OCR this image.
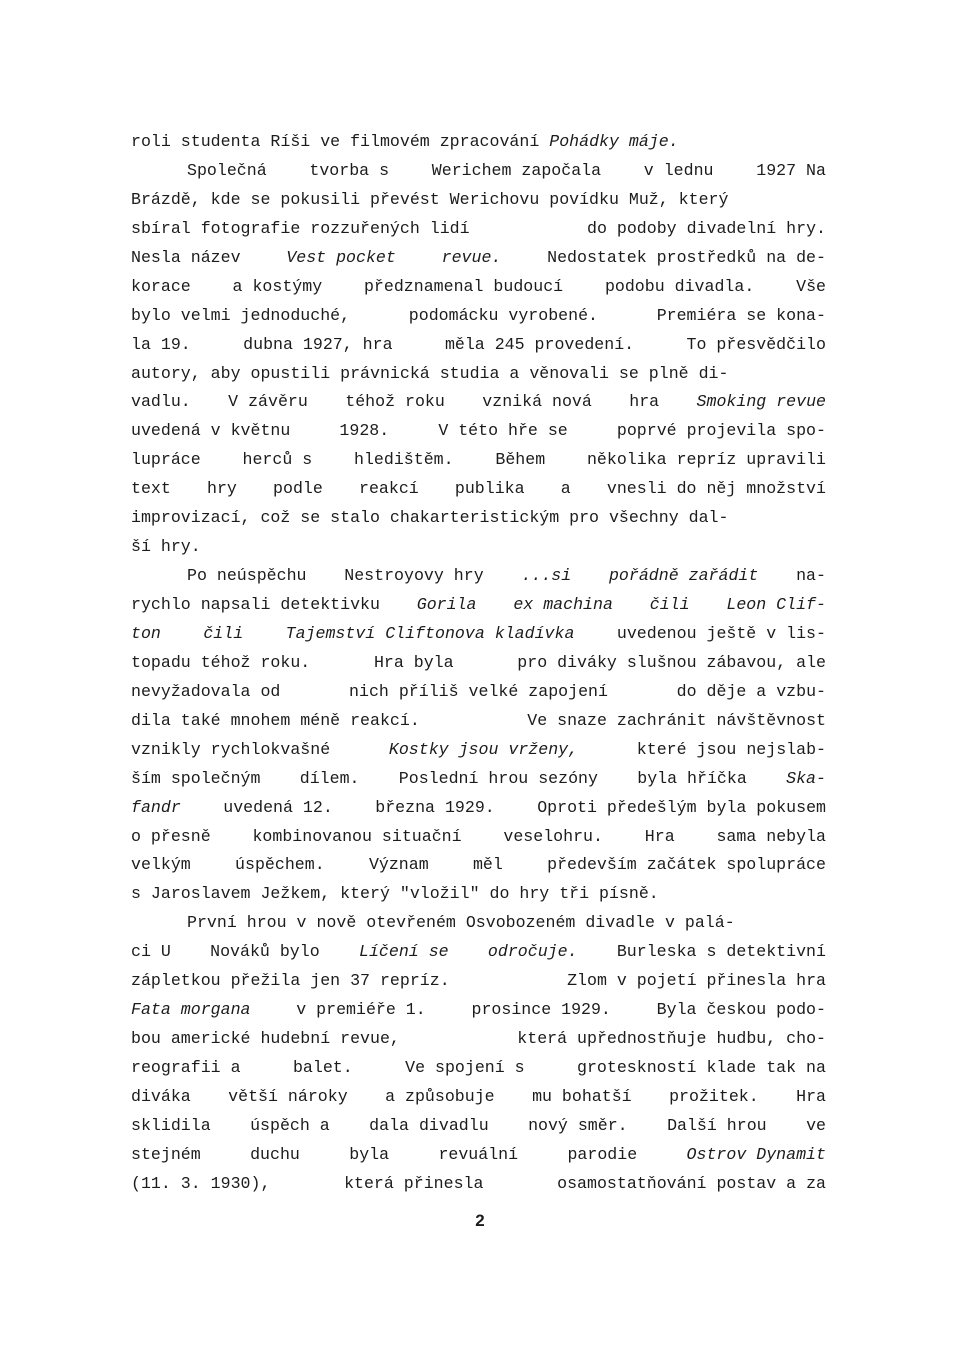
roli studenta Ríši ve filmovém zpracování Pohádky máje.
Společná	tvorba s	Werichem započala	v lednu	1927 Na
Brázdě, kde se pokusili převést Werichovu povídku Muž, který
sbíral fotografie rozzuřených lidí	do podoby divadelní hry.
Nesla název	Vest pocket	revue.	Nedostatek prostředků na de-
korace	a kostýmy	předznamenal budoucí	podobu divadla.	Vše
bylo velmi jednoduché,	podomácku vyrobené.	Premiéra se kona-
la 19.	dubna 1927, hra	měla 245 provedení.	To přesvědčilo
autory, aby opustili právnická studia a věnovali se plně di-
vadlu. V závěru téhož roku vzniká nová hra Smoking revue
uvedená v květnu	1928.	V této hře se	poprvé projevila spo-
lupráce	herců s	hledištěm.	Během	několika repríz upravili
text hry podle reakcí publika a vnesli do něj množství
improvizací, což se stalo chakarteristickým pro všechny dal-
ší hry.
Po neúspěchu Nestroyovy hry ...si pořádně zařádit na-
rychlo napsali detektivku Gorila ex machina čili Leon Clif-
ton	čili	Tajemství Cliftonova kladívka	uvedenou ještě v lis-
topadu téhož roku.	Hra byla	pro diváky slušnou zábavou, ale
nevyžadovala od	nich příliš velké zapojení	do děje a vzbu-
dila také mnohem méně reakcí.	Ve snaze zachránit návštěvnost
vznikly rychlokvašné	Kostky jsou vrženy,	které jsou nejslab-
ším společným dílem. Poslední hrou sezóny byla hříčka Ska-
fandr	uvedená 12.	března 1929.	Oproti předešlým byla pokusem
o přesně	kombinovanou situační	veselohru.	Hra	sama nebyla
velkým	úspěchem.	Význam	měl	především začátek spolupráce
s Jaroslavem Ježkem, který "vložil" do hry tři písně.
První hrou v nově otevřeném Osvobozeném divadle v palá-
ci U Nováků bylo Líčení se odročuje. Burleska s detektivní
zápletkou přežila jen 37 repríz.	Zlom v pojetí přinesla hra
Fata morgana	v premiéře 1.	prosince 1929.	Byla českou podo-
bou americké hudební revue,	která upřednostňuje hudbu, cho-
reografii a	balet.	Ve spojení s	groteskností klade tak na
diváka větší nároky a způsobuje mu bohatší prožitek. Hra
sklidila úspěch a dala divadlu nový směr. Další hrou ve
stejném	duchu	byla	revuální	parodie	Ostrov Dynamit
(11. 3. 1930),	která přinesla	osamostatňování postav a za
2
